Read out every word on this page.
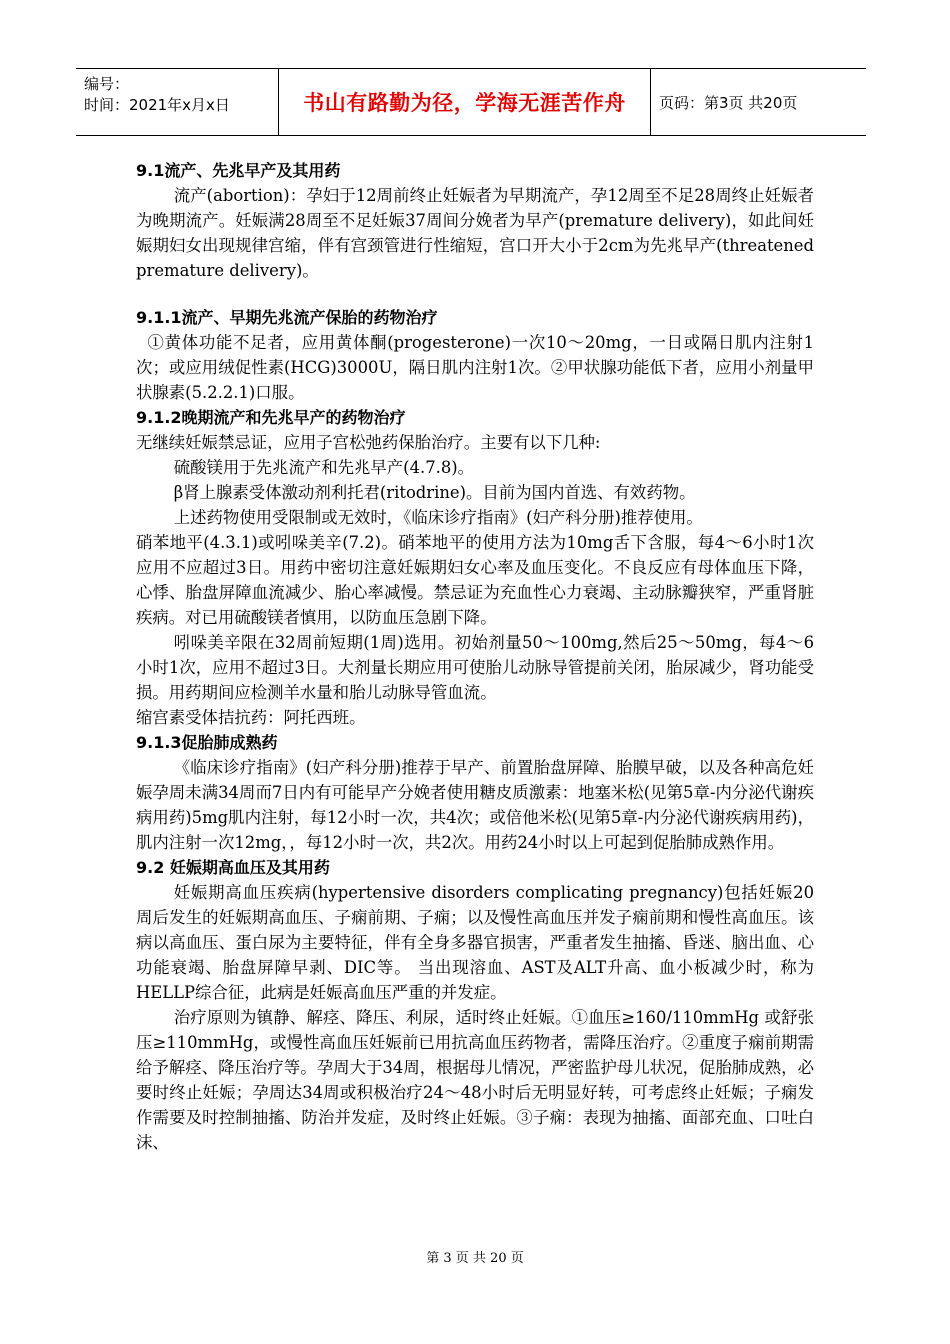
编号：
时间：2021年x月x日	书山有路勤为径，学海无涯苦作舟	页码：第3页 共20页

9.1流产、先兆早产及其用药

流产(abortion)：孕妇于12周前终止妊娠者为早期流产，孕12周至不足28周终止妊娠者为晚期流产。妊娠满28周至不足妊娠37周间分娩者为早产(premature delivery)，如此间妊娠期妇女出现规律宫缩，伴有宫颈管进行性缩短，宫口开大小于2cm为先兆早产(threatened premature delivery)。

9.1.1流产、早期先兆流产保胎的药物治疗

①黄体功能不足者，应用黄体酮(progesterone)一次10～20mg，一日或隔日肌内注射1次；或应用绒促性素(HCG)3000U，隔日肌内注射1次。②甲状腺功能低下者，应用小剂量甲状腺素(5.2.2.1)口服。

9.1.2晚期流产和先兆早产的药物治疗

无继续妊娠禁忌证，应用子宫松弛药保胎治疗。主要有以下几种:

硫酸镁用于先兆流产和先兆早产(4.7.8)。

β肾上腺素受体激动剂利托君(ritodrine)。目前为国内首选、有效药物。

上述药物使用受限制或无效时，《临床诊疗指南》(妇产科分册)推荐使用。

硝苯地平(4.3.1)或吲哚美辛(7.2)。硝苯地平的使用方法为10mg舌下含服，每4～6小时1次应用不应超过3日。用药中密切注意妊娠期妇女心率及血压变化。不良反应有母体血压下降，心悸、胎盘屏障血流减少、胎心率减慢。禁忌证为充血性心力衰竭、主动脉瓣狭窄，严重肾脏疾病。对已用硫酸镁者慎用，以防血压急剧下降。

吲哚美辛限在32周前短期(1周)选用。初始剂量50～100mg,然后25～50mg，每4～6小时1次，应用不超过3日。大剂量长期应用可使胎儿动脉导管提前关闭，胎尿减少，肾功能受损。用药期间应检测羊水量和胎儿动脉导管血流。

缩宫素受体拮抗药：阿托西班。

9.1.3促胎肺成熟药

《临床诊疗指南》(妇产科分册)推荐于早产、前置胎盘屏障、胎膜早破，以及各种高危妊娠孕周未满34周而7日内有可能早产分娩者使用糖皮质激素：地塞米松(见第5章-内分泌代谢疾病用药)5mg肌内注射，每12小时一次，共4次；或倍他米松(见第5章-内分泌代谢疾病用药)，肌内注射一次12mg，，每12小时一次，共2次。用药24小时以上可起到促胎肺成熟作用。

9.2 妊娠期高血压及其用药

妊娠期高血压疾病(hypertensive disorders complicating pregnancy)包括妊娠20周后发生的妊娠期高血压、子痫前期、子痫；以及慢性高血压并发子痫前期和慢性高血压。该病以高血压、蛋白尿为主要特征，伴有全身多器官损害，严重者发生抽搐、昏迷、脑出血、心功能衰竭、胎盘屏障早剥、DIC等。 当出现溶血、AST及ALT升高、血小板减少时，称为HELLP综合征，此病是妊娠高血压严重的并发症。

治疗原则为镇静、解痉、降压、利尿，适时终止妊娠。①血压≥160/110mmHg 或舒张压≥110mmHg，或慢性高血压妊娠前已用抗高血压药物者，需降压治疗。②重度子痫前期需给予解痉、降压治疗等。孕周大于34周，根据母儿情况，严密监护母儿状况，促胎肺成熟，必要时终止妊娠；孕周达34周或积极治疗24～48小时后无明显好转，可考虑终止妊娠；子痫发作需要及时控制抽搐、防治并发症，及时终止妊娠。③子痫：表现为抽搐、面部充血、口吐白沫、

第 3 页 共 20 页
